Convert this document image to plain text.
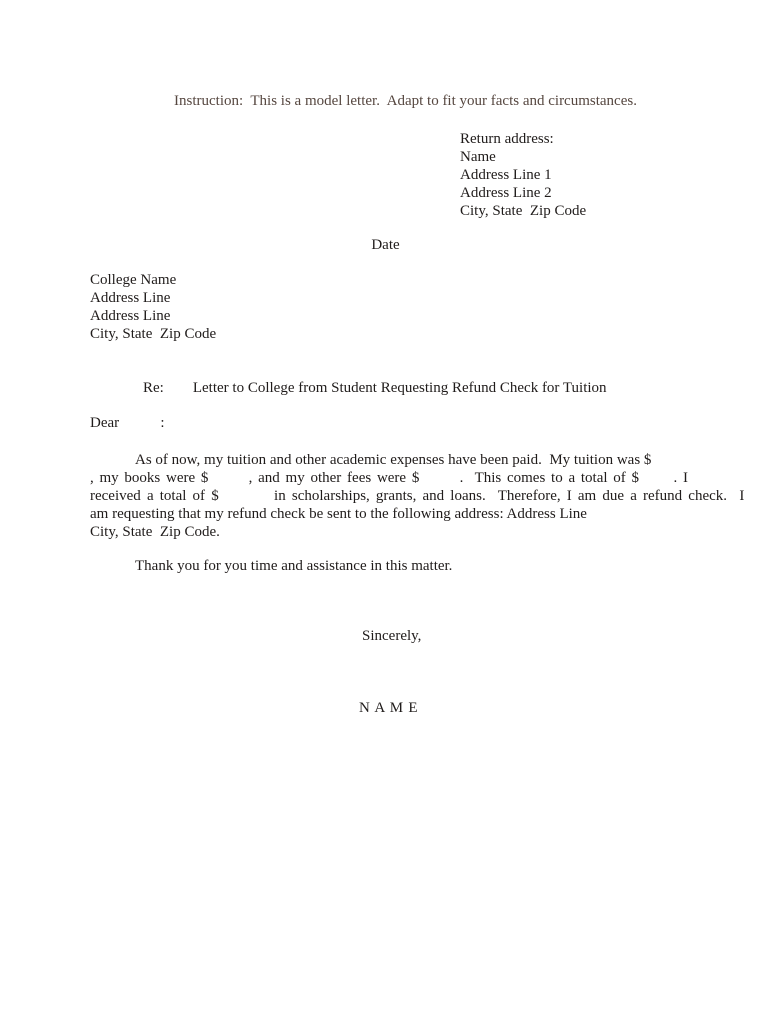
Instruction:  This is a model letter.  Adapt to fit your facts and circumstances.
Return address:
Name
Address Line 1
Address Line 2
City, State  Zip Code
Date
College Name
Address Line
Address Line
City, State  Zip Code

Re: Letter to College from Student Requesting Refund Check for Tuition

Dear           :
As of now, my tuition and other academic expenses have been paid.  My tuition was $
, my books were $       , and my other fees were $       .  This comes to a total of $      . I
received a total of $         in scholarships, grants, and loans.  Therefore, I am due a refund check.  I
am requesting that my refund check be sent to the following address: Address Line
City, State  Zip Code.
Thank you for you time and assistance in this matter.
Sincerely,
N A M E
